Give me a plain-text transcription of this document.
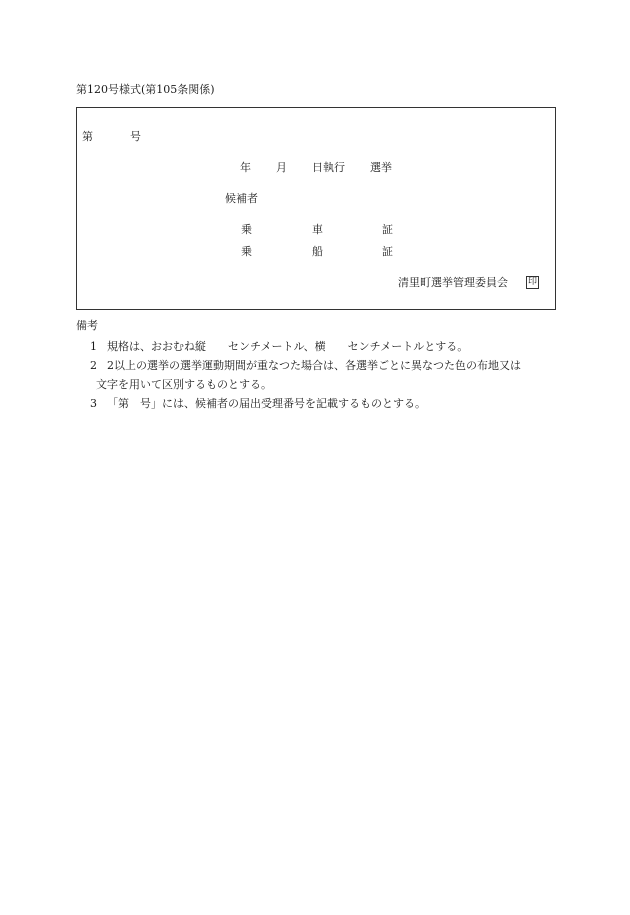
第120号様式(第105条関係)
第	号
年 月 日執行 選挙
候補者
乗	車	証
乗	船	証
清里町選挙管理委員会 印
備考
1 規格は、おおむね縦　　センチメートル、横　　センチメートルとする。
2 2以上の選挙の選挙運動期間が重なつた場合は、各選挙ごとに異なつた色の布地又は
文字を用いて区別するものとする。
3 「第　号」には、候補者の届出受理番号を記載するものとする。
